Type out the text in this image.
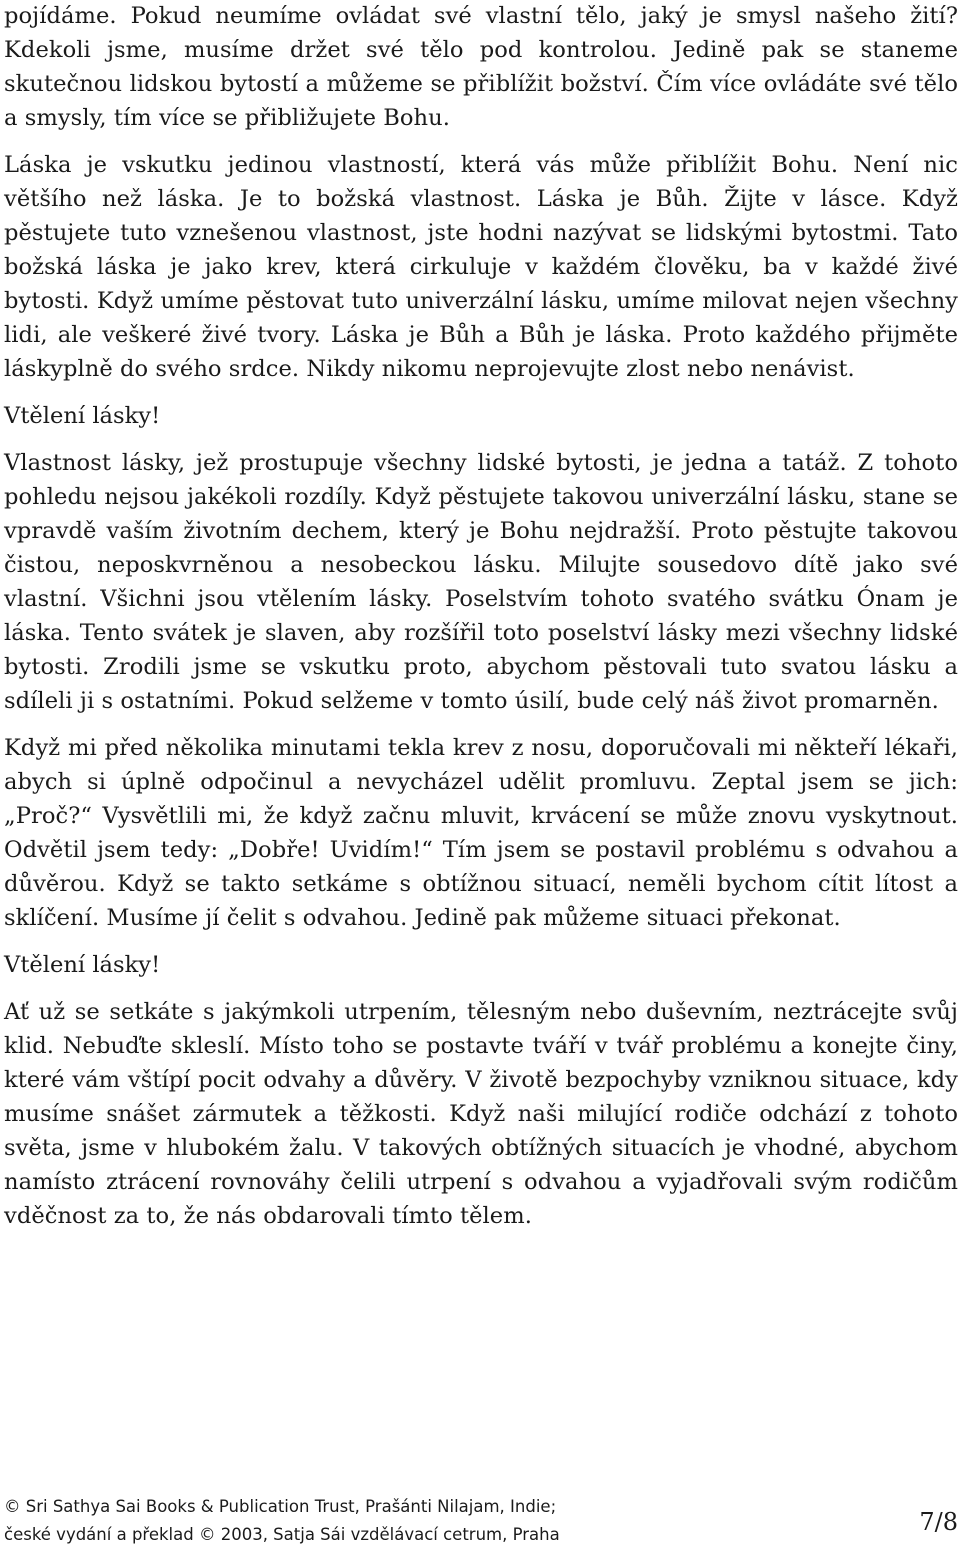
pojídáme. Pokud neumíme ovládat své vlastní tělo, jaký je smysl našeho žití? Kdekoli jsme, musíme držet své tělo pod kontrolou. Jedině pak se staneme skutečnou lidskou bytostí a můžeme se přiblížit božství. Čím více ovládáte své tělo a smysly, tím více se přibližujete Bohu.

Láska je vskutku jedinou vlastností, která vás může přiblížit Bohu. Není nic většího než láska. Je to božská vlastnost. Láska je Bůh. Žijte v lásce. Když pěstujete tuto vznešenou vlastnost, jste hodni nazývat se lidskými bytostmi. Tato božská láska je jako krev, která cirkuluje v každém člověku, ba v každé živé bytosti. Když umíme pěstovat tuto univerzální lásku, umíme milovat nejen všechny lidi, ale veškeré živé tvory. Láska je Bůh a Bůh je láska. Proto každého přijměte láskyplně do svého srdce. Nikdy nikomu neprojevujte zlost nebo nenávist.

Vtělení lásky!

Vlastnost lásky, jež prostupuje všechny lidské bytosti, je jedna a tatáž. Z tohoto pohledu nejsou jakékoli rozdíly. Když pěstujete takovou univerzální lásku, stane se vpravdě vaším životním dechem, který je Bohu nejdražší. Proto pěstujte takovou čistou, neposkvrněnou a nesobeckou lásku. Milujte sousedovo dítě jako své vlastní. Všichni jsou vtělením lásky. Poselstvím tohoto svatého svátku Ónam je láska. Tento svátek je slaven, aby rozšířil toto poselství lásky mezi všechny lidské bytosti. Zrodili jsme se vskutku proto, abychom pěstovali tuto svatou lásku a sdíleli ji s ostatními. Pokud selžeme v tomto úsilí, bude celý náš život promarněn.

Když mi před několika minutami tekla krev z nosu, doporučovali mi někteří lékaři, abych si úplně odpočinul a nevycházel udělit promluvu. Zeptal jsem se jich: „Proč?“ Vysvětlili mi, že když začnu mluvit, krvácení se může znovu vyskytnout. Odvětil jsem tedy: „Dobře! Uvidím!“ Tím jsem se postavil problému s odvahou a důvěrou. Když se takto setkáme s obtížnou situací, neměli bychom cítit lítost a sklíčení. Musíme jí čelit s odvahou. Jedině pak můžeme situaci překonat.

Vtělení lásky!

Ať už se setkáte s jakýmkoli utrpením, tělesným nebo duševním, neztrácejte svůj klid. Nebuďte skleslí. Místo toho se postavte tváří v tvář problému a konejte činy, které vám vštípí pocit odvahy a důvěry. V životě bezpochyby vzniknou situace, kdy musíme snášet zármutek a těžkosti. Když naši milující rodiče odchází z tohoto světa, jsme v hlubokém žalu. V takových obtížných situacích je vhodné, abychom namísto ztrácení rovnováhy čelili utrpení s odvahou a vyjadřovali svým rodičům vděčnost za to, že nás obdarovali tímto tělem.

© Sri Sathya Sai Books & Publication Trust, Prašánti Nilajam, Indie;
české vydání a překlad © 2003, Satja Sái vzdělávací cetrum, Praha	7/8
